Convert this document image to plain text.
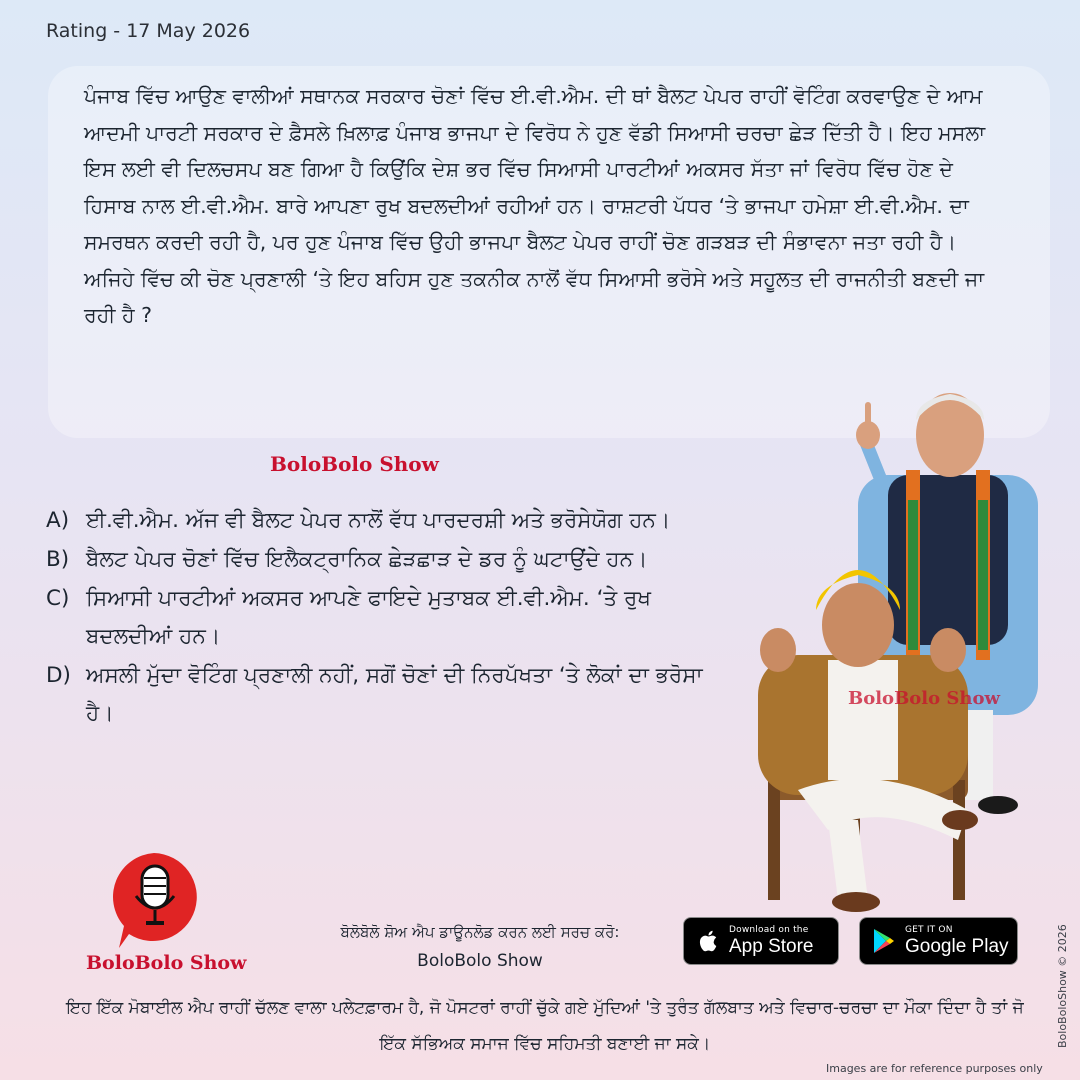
Rating - 17 May 2026

ਪੰਜਾਬ ਵਿੱਚ ਆਉਣ ਵਾਲੀਆਂ ਸਥਾਨਕ ਸਰਕਾਰ ਚੋਣਾਂ ਵਿੱਚ ਈ.ਵੀ.ਐਮ. ਦੀ ਥਾਂ ਬੈਲਟ ਪੇਪਰ ਰਾਹੀਂ ਵੋਟਿੰਗ ਕਰਵਾਉਣ ਦੇ ਆਮ ਆਦਮੀ ਪਾਰਟੀ ਸਰਕਾਰ ਦੇ ਫ਼ੈਸਲੇ ਖ਼ਿਲਾਫ਼ ਪੰਜਾਬ ਭਾਜਪਾ ਦੇ ਵਿਰੋਧ ਨੇ ਹੁਣ ਵੱਡੀ ਸਿਆਸੀ ਚਰਚਾ ਛੇੜ ਦਿੱਤੀ ਹੈ। ਇਹ ਮਸਲਾ ਇਸ ਲਈ ਵੀ ਦਿਲਚਸਪ ਬਣ ਗਿਆ ਹੈ ਕਿਉਂਕਿ ਦੇਸ਼ ਭਰ ਵਿੱਚ ਸਿਆਸੀ ਪਾਰਟੀਆਂ ਅਕਸਰ ਸੱਤਾ ਜਾਂ ਵਿਰੋਧ ਵਿੱਚ ਹੋਣ ਦੇ ਹਿਸਾਬ ਨਾਲ ਈ.ਵੀ.ਐਮ. ਬਾਰੇ ਆਪਣਾ ਰੁਖ ਬਦਲਦੀਆਂ ਰਹੀਆਂ ਹਨ। ਰਾਸ਼ਟਰੀ ਪੱਧਰ ‘ਤੇ ਭਾਜਪਾ ਹਮੇਸ਼ਾ ਈ.ਵੀ.ਐਮ. ਦਾ ਸਮਰਥਨ ਕਰਦੀ ਰਹੀ ਹੈ, ਪਰ ਹੁਣ ਪੰਜਾਬ ਵਿੱਚ ਉਹੀ ਭਾਜਪਾ ਬੈਲਟ ਪੇਪਰ ਰਾਹੀਂ ਚੋਣ ਗੜਬੜ ਦੀ ਸੰਭਾਵਨਾ ਜਤਾ ਰਹੀ ਹੈ। ਅਜਿਹੇ ਵਿੱਚ ਕੀ ਚੋਣ ਪ੍ਰਣਾਲੀ ‘ਤੇ ਇਹ ਬਹਿਸ ਹੁਣ ਤਕਨੀਕ ਨਾਲੋਂ ਵੱਧ ਸਿਆਸੀ ਭਰੋਸੇ ਅਤੇ ਸਹੂਲਤ ਦੀ ਰਾਜਨੀਤੀ ਬਣਦੀ ਜਾ ਰਹੀ ਹੈ ?

BoloBolo Show
A) ਈ.ਵੀ.ਐਮ. ਅੱਜ ਵੀ ਬੈਲਟ ਪੇਪਰ ਨਾਲੋਂ ਵੱਧ ਪਾਰਦਰਸ਼ੀ ਅਤੇ ਭਰੋਸੇਯੋਗ ਹਨ।
B) ਬੈਲਟ ਪੇਪਰ ਚੋਣਾਂ ਵਿੱਚ ਇਲੈਕਟ੍ਰਾਨਿਕ ਛੇੜਛਾੜ ਦੇ ਡਰ ਨੂੰ ਘਟਾਉਂਦੇ ਹਨ।
C) ਸਿਆਸੀ ਪਾਰਟੀਆਂ ਅਕਸਰ ਆਪਣੇ ਫਾਇਦੇ ਮੁਤਾਬਕ ਈ.ਵੀ.ਐਮ. ‘ਤੇ ਰੁਖ ਬਦਲਦੀਆਂ ਹਨ।
D) ਅਸਲੀ ਮੁੱਦਾ ਵੋਟਿੰਗ ਪ੍ਰਣਾਲੀ ਨਹੀਂ, ਸਗੋਂ ਚੋਣਾਂ ਦੀ ਨਿਰਪੱਖਤਾ ‘ਤੇ ਲੋਕਾਂ ਦਾ ਭਰੋਸਾ ਹੈ।
BoloBolo Show
BoloBolo Show
ਬੋਲੋਬੋਲੋ ਸ਼ੋਅ ਐਪ ਡਾਊਨਲੋਡ ਕਰਨ ਲਈ ਸਰਚ ਕਰੋ:
BoloBolo Show
Download on the
App Store
GET IT ON
Google Play
ਇਹ ਇੱਕ ਮੋਬਾਈਲ ਐਪ ਰਾਹੀਂ ਚੱਲਣ ਵਾਲਾ ਪਲੇਟਫ਼ਾਰਮ ਹੈ, ਜੋ ਪੋਸਟਰਾਂ ਰਾਹੀਂ ਚੁੱਕੇ ਗਏ ਮੁੱਦਿਆਂ 'ਤੇ ਤੁਰੰਤ ਗੱਲਬਾਤ ਅਤੇ ਵਿਚਾਰ-ਚਰਚਾ ਦਾ ਮੌਕਾ ਦਿੰਦਾ ਹੈ ਤਾਂ ਜੋ ਇੱਕ ਸੱਭਿਅਕ ਸਮਾਜ ਵਿੱਚ ਸਹਿਮਤੀ ਬਣਾਈ ਜਾ ਸਕੇ।	BoloBoloShow © 2026
Images are for reference purposes only
